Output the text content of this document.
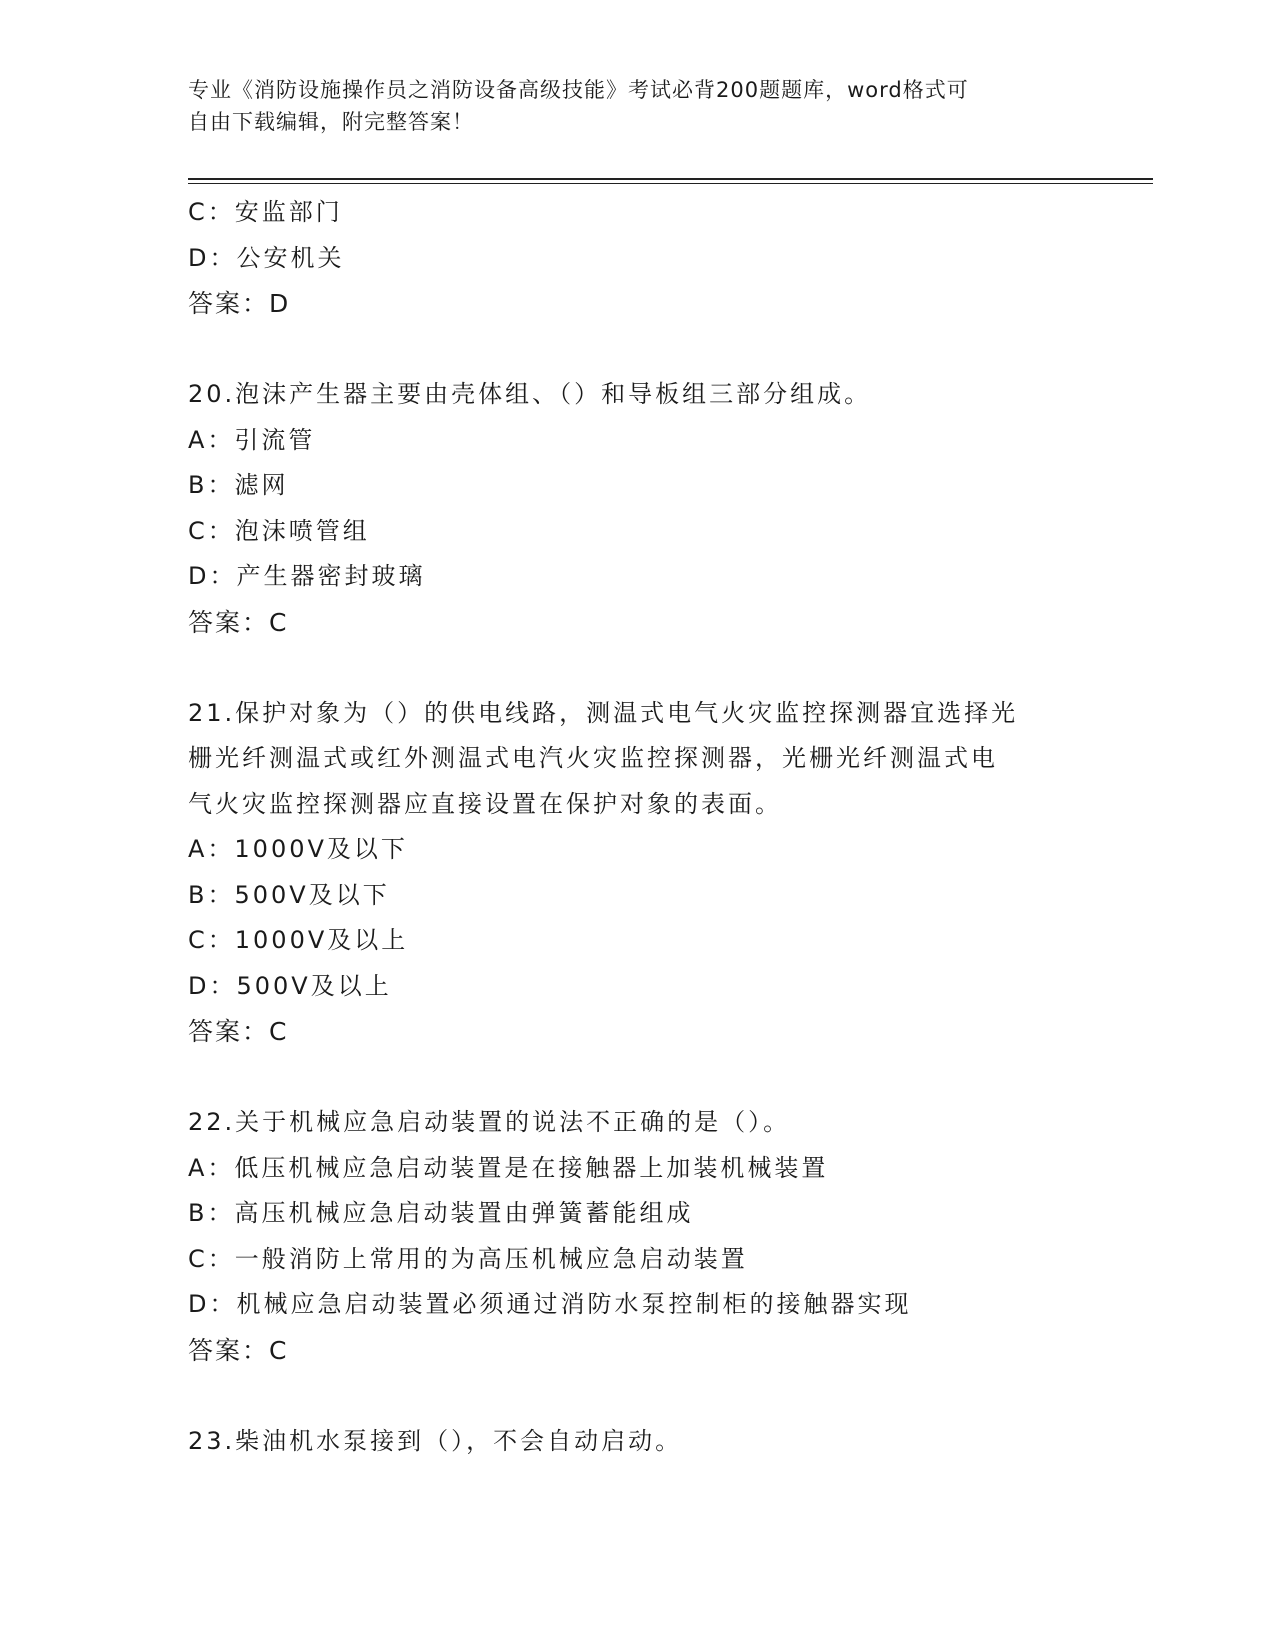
专业《消防设施操作员之消防设备高级技能》考试必背200题题库，word格式可
自由下载编辑，附完整答案！
C：安监部门
D：公安机关
答案：D
20.泡沫产生器主要由壳体组、（）和导板组三部分组成。
A：引流管
B：滤网
C：泡沫喷管组
D：产生器密封玻璃
答案：C
21.保护对象为（）的供电线路，测温式电气火灾监控探测器宜选择光
栅光纤测温式或红外测温式电汽火灾监控探测器，光栅光纤测温式电
气火灾监控探测器应直接设置在保护对象的表面。
A：1000V及以下
B：500V及以下
C：1000V及以上
D：500V及以上
答案：C
22.关于机械应急启动装置的说法不正确的是（）。
A：低压机械应急启动装置是在接触器上加装机械装置
B：高压机械应急启动装置由弹簧蓄能组成
C：一般消防上常用的为高压机械应急启动装置
D：机械应急启动装置必须通过消防水泵控制柜的接触器实现
答案：C
23.柴油机水泵接到（），不会自动启动。
